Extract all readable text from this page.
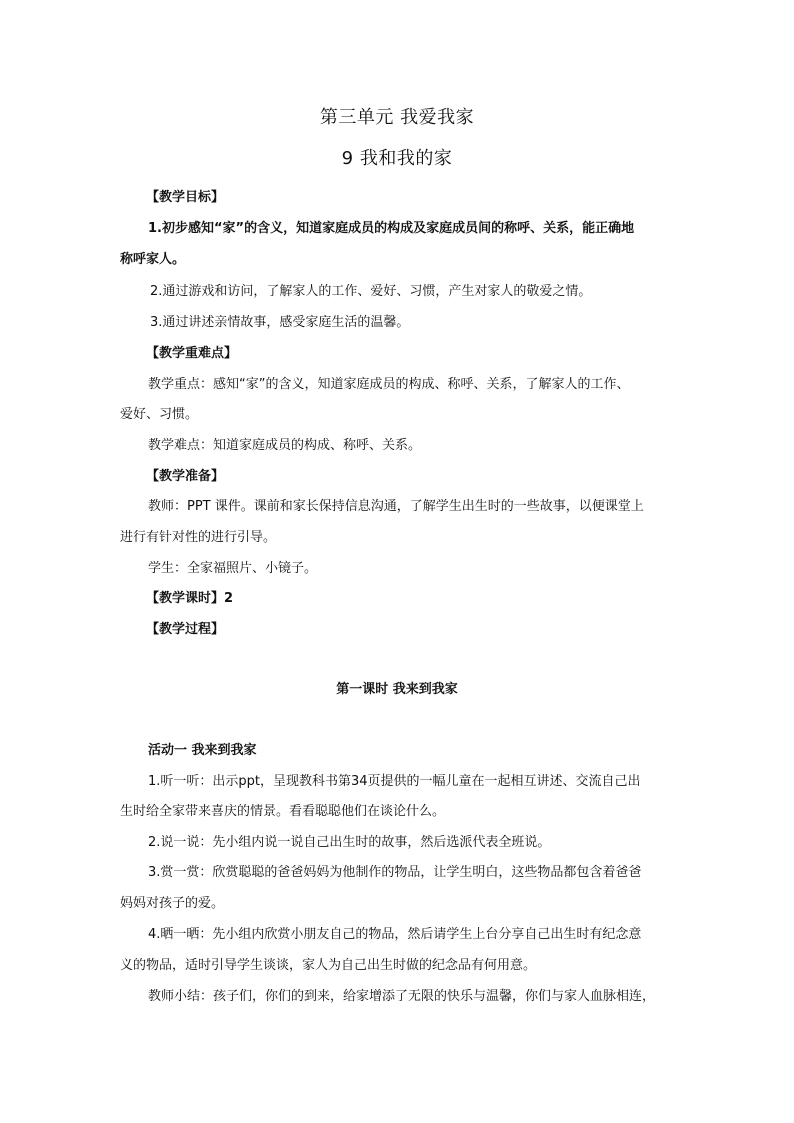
第三单元 我爱我家
9 我和我的家
【教学目标】
1.初步感知“家”的含义，知道家庭成员的构成及家庭成员间的称呼、关系，能正确地
称呼家人。
2.通过游戏和访问，了解家人的工作、爱好、习惯，产生对家人的敬爱之情。
3.通过讲述亲情故事，感受家庭生活的温馨。
【教学重难点】
教学重点：感知“家”的含义，知道家庭成员的构成、称呼、关系，了解家人的工作、
爱好、习惯。
教学难点：知道家庭成员的构成、称呼、关系。
【教学准备】
教师：PPT 课件。课前和家长保持信息沟通，了解学生出生时的一些故事，以便课堂上
进行有针对性的进行引导。
学生：全家福照片、小镜子。
【教学课时】2
【教学过程】
第一课时 我来到我家
活动一 我来到我家
1.听一听：出示ppt，呈现教科书第34页提供的一幅儿童在一起相互讲述、交流自己出
生时给全家带来喜庆的情景。看看聪聪他们在谈论什么。
2.说一说：先小组内说一说自己出生时的故事，然后选派代表全班说。
3.赏一赏：欣赏聪聪的爸爸妈妈为他制作的物品，让学生明白，这些物品都包含着爸爸
妈妈对孩子的爱。
4.晒一晒：先小组内欣赏小朋友自己的物品，然后请学生上台分享自己出生时有纪念意
义的物品，适时引导学生谈谈，家人为自己出生时做的纪念品有何用意。
教师小结：孩子们，你们的到来，给家增添了无限的快乐与温馨，你们与家人血脉相连，
